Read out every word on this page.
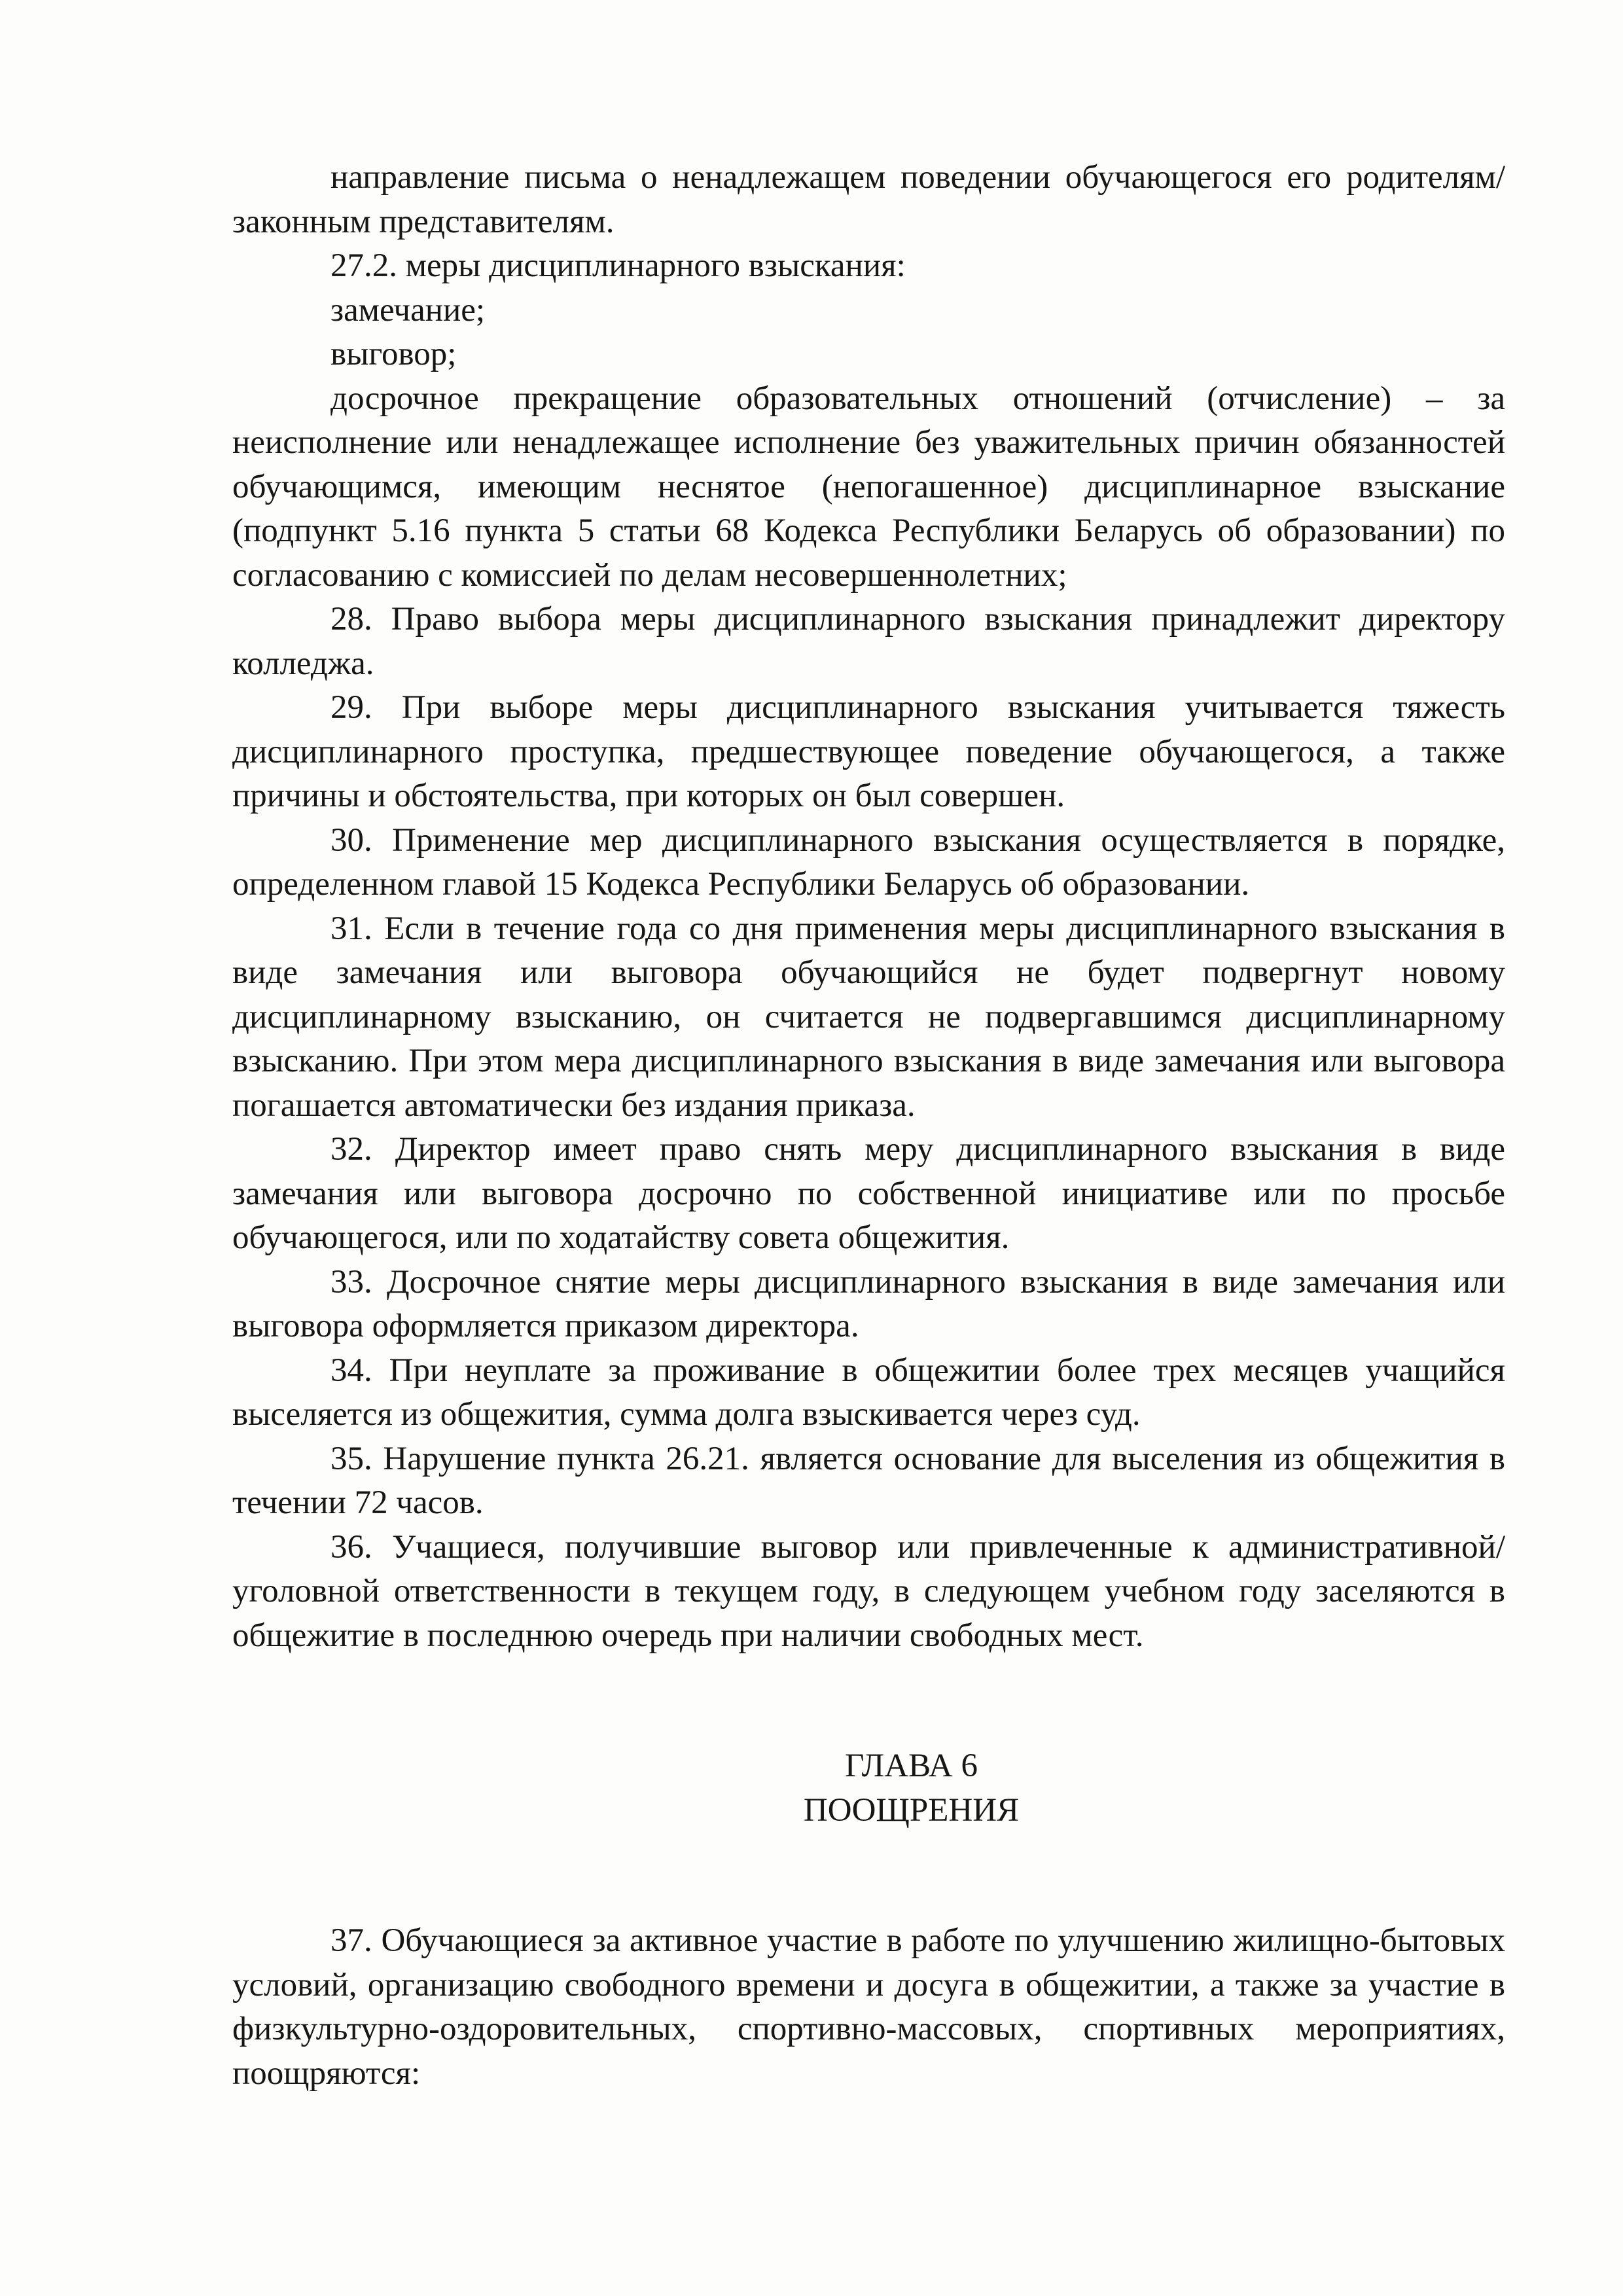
направление письма о ненадлежащем поведении обучающегося его родителям/законным представителям.

27.2. меры дисциплинарного взыскания:

замечание;

выговор;

досрочное прекращение образовательных отношений (отчисление) – за неисполнение или ненадлежащее исполнение без уважительных причин обязанностей обучающимся, имеющим неснятое (непогашенное) дисциплинарное взыскание (подпункт 5.16 пункта 5 статьи 68 Кодекса Республики Беларусь об образовании) по согласованию с комиссией по делам несовершеннолетних;

28. Право выбора меры дисциплинарного взыскания принадлежит директору колледжа.

29. При выборе меры дисциплинарного взыскания учитывается тяжесть дисциплинарного проступка, предшествующее поведение обучающегося, а также причины и обстоятельства, при которых он был совершен.

30. Применение мер дисциплинарного взыскания осуществляется в порядке, определенном главой 15 Кодекса Республики Беларусь об образовании.

31. Если в течение года со дня применения меры дисциплинарного взыскания в виде замечания или выговора обучающийся не будет подвергнут новому дисциплинарному взысканию, он считается не подвергавшимся дисциплинарному взысканию. При этом мера дисциплинарного взыскания в виде замечания или выговора погашается автоматически без издания приказа.

32. Директор имеет право снять меру дисциплинарного взыскания в виде замечания или выговора досрочно по собственной инициативе или по просьбе обучающегося, или по ходатайству совета общежития.

33. Досрочное снятие меры дисциплинарного взыскания в виде замечания или выговора оформляется приказом директора.

34. При неуплате за проживание в общежитии более трех месяцев учащийся выселяется из общежития, сумма долга взыскивается через суд.

35. Нарушение пункта 26.21. является основание для выселения из общежития в течении 72 часов.

36. Учащиеся, получившие выговор или привлеченные к административной/уголовной ответственности в текущем году, в следующем учебном году заселяются в общежитие в последнюю очередь при наличии свободных мест.

ГЛАВА 6

ПООЩРЕНИЯ

37. Обучающиеся за активное участие в работе по улучшению жилищно-бытовых условий, организацию свободного времени и досуга в общежитии, а также за участие в физкультурно-оздоровительных, спортивно-массовых, спортивных мероприятиях, поощряются:
